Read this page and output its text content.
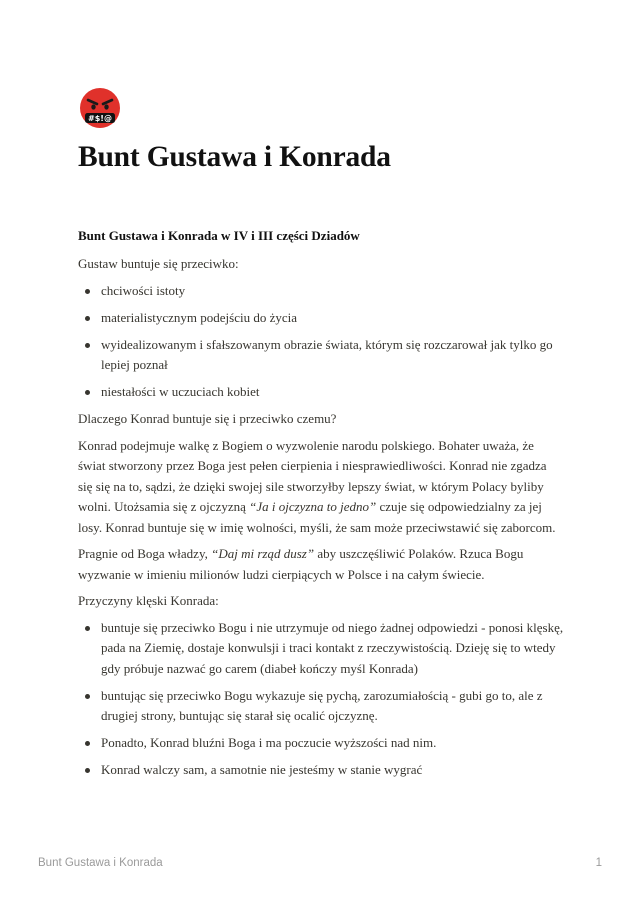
#$!@
Bunt Gustawa i Konrada
Bunt Gustawa i Konrada w IV i III części Dziadów

Gustaw buntuje się przeciwko:

chciwości istoty
materialistycznym podejściu do życia
wyidealizowanym i sfałszowanym obrazie świata, którym się rozczarował jak tylko go lepiej poznał
niestałości w uczuciach kobiet

Dlaczego Konrad buntuje się i przeciwko czemu?

Konrad podejmuje walkę z Bogiem o wyzwolenie narodu polskiego. Bohater uważa, że świat stworzony przez Boga jest pełen cierpienia i niesprawiedliwości. Konrad nie zgadza się się na to, sądzi, że dzięki swojej sile stworzyłby lepszy świat, w którym Polacy byliby wolni. Utożsamia się z ojczyzną “Ja i ojczyzna to jedno” czuje się odpowiedzialny za jej losy. Konrad buntuje się w imię wolności, myśli, że sam może przeciwstawić się zaborcom.

Pragnie od Boga władzy, “Daj mi rząd dusz” aby uszczęśliwić Polaków. Rzuca Bogu wyzwanie w imieniu milionów ludzi cierpiących w Polsce i na całym świecie.

Przyczyny klęski Konrada:

buntuje się przeciwko Bogu i nie utrzymuje od niego żadnej odpowiedzi - ponosi klęskę, pada na Ziemię, dostaje konwulsji i traci kontakt z rzeczywistością. Dzieję się to wtedy gdy próbuje nazwać go carem (diabeł kończy myśl Konrada)
buntując się przeciwko Bogu wykazuje się pychą, zarozumiałością - gubi go to, ale z drugiej strony, buntując się starał się ocalić ojczyznę.
Ponadto, Konrad bluźni Boga i ma poczucie wyższości nad nim.
Konrad walczy sam, a samotnie nie jesteśmy w stanie wygrać
Bunt Gustawa i Konrada	1
